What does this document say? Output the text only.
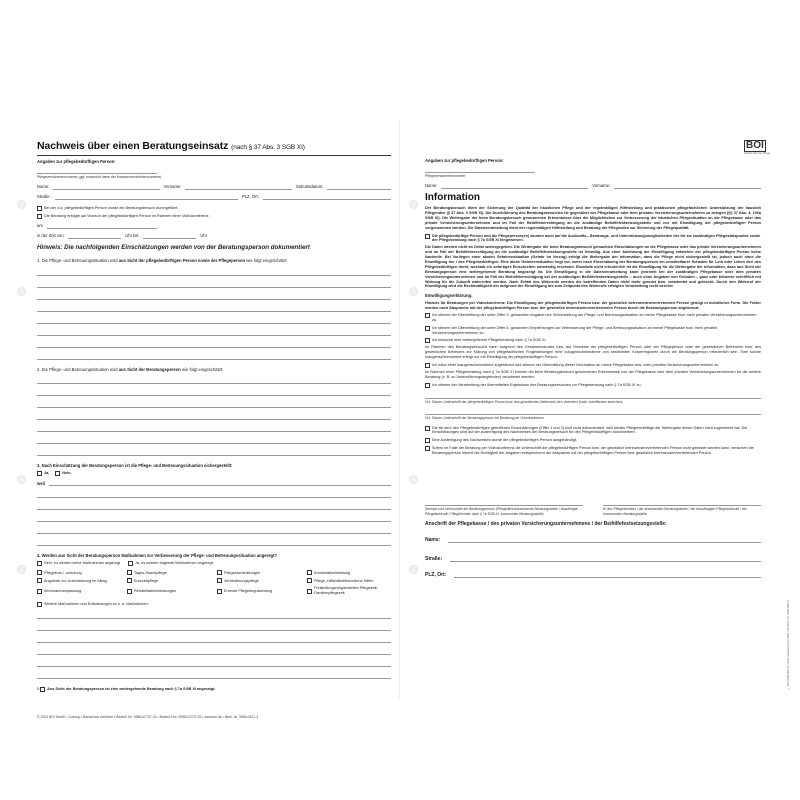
Nachweis über einen Beratungseinsatz (nach § 37 Abs. 3 SGB XI)
Angaben zur pflegebedürftigen Person:
Pflegeversichertennummer (ggf. entspricht diese der Krankenversichertennummer)
Name:	Vorname:	Geburtsdatum:
Straße:	PLZ, Ort:
Bei der o.a. pflegebedürftigen Person wurde ein Beratungsbesuch durchgeführt.
Die Beratung erfolgte auf Wunsch der pflegebedürftigen Person im Rahmen einer Videokonferenz:
am
in der Zeit von	Uhr bis	Uhr
Hinweis: Die nachfolgenden Einschätzungen werden von der Beratungsperson dokumentiert
1. Die Pflege- und Betreuungssituation wird aus Sicht der pflegebedürftigen Person sowie der Pflegeperson wie folgt eingeschätzt:
2. Die Pflege- und Betreuungssituation wird aus Sicht der Beratungsperson wie folgt eingeschätzt:
3. Nach Einschätzung der Beratungsperson ist die Pflege- und Betreuungssituation sichergestellt:
Ja,	Nein,
weil
4. Werden aus Sicht der Beratungsperson Maßnahmen zur Verbesserung der Pflege- und Betreuungssituation angeregt?
Nein, es werden keine Maßnahmen angeregt	Ja, es werden folgende Maßnahmen angeregt:
Pflegekurs / -schulung	Tages-/Nachtpflege	Pflegesachleistungen	Kombinationsleistung
Angebote zur Unterstützung im Alltag	Kurzzeitpflege	Verhinderungspflege	Pflege-,Hilfsmittel/technische Hilfen
Wohnraumanpassung	Rehabilitationsleistungen	Erneute Pflegebegutachtung
Freistellungsmöglichkeiten Pflegezeit/ Familienpflegezeit
Weitere Maßnahmen und Erläuterungen zu o. a. Maßnahmen:
5. Aus Sicht der Beratungsperson ist eine weitergehende Beratung nach § 7a SGB XI angezeigt.
© 2024 BOI GmbH • Coburg • Nachdruck verboten • Bestell-Tel. 09561/2707-24 • Bestell-Fax: 09561/2707-29 • www.boi.de • Best.-Nr. 3096-0621-3
BOI
Arbeitsmittel für Pflege
Angaben zur pflegebedürftigen Person:
Pflegeversichertennummer
Name:	Vorname:
Information
Der Beratungsbesuch dient der Sicherung der Qualität der häuslichen Pflege und der regelmäßigen Hilfestellung und praktischen pflegefachlichen Unterstützung der häuslich Pflegenden (§ 37 Abs. 3 SGB XI). Die Durchführung des Beratungsbesuches ist gegenüber der Pflegekasse oder dem privaten Versicherungsunternehmen zu belegen (§§ 37 Abs. 4, 106a SGB XI). Die Weitergabe der beim Beratungsbesuch gewonnenen Erkenntnisse über die Möglichkeiten zur Verbesserung der häuslichen Pflegesituation an die Pflegekasse oder das private Versicherungsunternehmen und im Fall der Beihilfeberechtigung an die zuständige Beihilfefestsetzungsstelle soll nur mit Einwilligung der pflegebedürftigen Person vorgenommen werden. Die Datenverarbeitung dient der regelmäßigen Hilfestellung und Beratung der Pflegenden zur Sicherung der Pflegequalität.
Die pflegebedürftige Person und die Pflegeperson(en) wurden auch auf die Auskunfts-, Beratungs- und Unterstützungsmöglichkeiten der für sie zuständigen Pflegestützpunkte sowie der Pflegeberatung nach § 7a SGB XI hingewiesen.
Die Daten werden nicht an Dritte weitergegeben. Die Weitergabe der beim Beratungsbesuch gemachten Einschätzungen an die Pflegekasse oder das private Versicherungsunternehmen und im Fall der Beihilfeberechtigung an die zuständige Beihilfefestsetzungsstelle ist freiwillig. Aus einer Ablehnung der Einwilligung entstehen der pflegebedürftigen Person keine Nachteile. Bei Vorliegen einer akuten Gefahrensituation (Gefahr im Verzug) erfolgt die Weitergabe der Information, dass die Pflege nicht sichergestellt ist, jedoch auch ohne die Einwilligung der / des Pflegebedürftigen. Eine akute Gefahrensituation liegt vor, wenn nach Einschätzung der Beratungsperson ein unmittelbarer Schaden für Leib oder Leben der/ des Pflegebedürftigen droht, weshalb ein sofortiges Einschreiten notwendig erscheint. Ebenfalls nicht erforderlich ist die Einwilligung für die Weitergabe der Information, dass aus Sicht der Beratungsperson eine weitergehende Beratung angezeigt ist. Die Einwilligung in die Datenverarbeitung kann jederzeit bei der zuständigen Pflegekasse oder dem privaten Versicherungsunternehmen und im Fall der Beihilfeberechtigung bei der zuständigen Beihilfefestsetzungsstelle – auch ohne Angaben von Gründen – ganz oder teilweise schriftlich mit Wirkung für die Zukunft widerrufen werden. Nach Erhalt des Widerrufs werden die betreffenden Daten nicht mehr genutzt bzw. verarbeitet und gelöscht. Durch den Widerruf der Einwilligung wird die Rechtmäßigkeit der aufgrund der Einwilligung bis zum Zeitpunkt des Widerrufs erfolgten Verarbeitung nicht berührt.
Einwilligungserklärung:
Hinweis für Beratungen per Videokonferenz: Die Einwilligung der pflegebedürftigen Person bzw. der gesetzlich betreuenden/vertretenden Person genügt in mündlicher Form. Die Felder werden nach Absprache mit der pflegebedürftigen Person bzw. der gesetzlich betreuenden/vertretenden Person durch die Beratungsperson angekreuzt.
Ich stimme der Übermittlung der unter Ziffer 3. gemachten Angaben zur Sicherstellung der Pflege- und Betreuungssituation an meine Pflegekasse bzw. mein privates Versicherungsunternehmen zu.
Ich stimme der Übermittlung der unter Ziffer 4. genannten Empfehlungen zur Verbesserung der Pflege- und Betreuungssituation an meine Pflegekasse bzw. mein privates Versicherungsunternehmen zu.
Ich wünsche eine weitergehende Pflegeberatung nach § 7a SGB XI.
Im Rahmen des Beratungsbesuchs kann aufgrund des Gesamteindrucks bzw. auf Hinweise der pflegebedürftigen Person oder der Pflegeperson oder der gesetzlichen Betreuerin bzw. des gesetzlichen Betreuers zur Klärung von pflegefachlichen Fragestellungen eine Inaugenscheinnahme von bestimmten Körperregionen durch die Beratungsperson erforderlich sein. Eine solche Inaugenscheinnahme erfolgt nur mit Einwilligung der pflegebedürftigen Person:
Ich habe einer Inaugenscheinnahme zugestimmt und stimme der Übermittlung dieser Information an meine Pflegekasse bzw. mein privates Versicherungsunternehmen zu.
Im Rahmen einer Pflegeberatung nach § 7a SGB XI können die beim Beratungsbesuch gewonnenen Erkenntnisse von der Pflegekasse oder dem privaten Versicherungsunternehmen für die weitere Beratung (z. B. zu Unterstützungsangeboten) verarbeitet werden:
Ich stimme der Verarbeitung der übermittelten Ergebnisse des Beratungsbesuches zur Pflegeberatung nach § 7a SGB XI zu.
Ort, Datum, Unterschrift der pflegebedürftigen Person bzw. des gesetzlichen Betreuers/ des Vertreters (nicht zutreffendes streichen)
Ort, Datum, Unterschrift der Beratungsperson bei Beratung per Videokonferenz
Die für den/ den Pflegebedürftigen getroffenen Einschätzungen (Ziffer 1 und 2) sind nicht dokumentiert, weil die/der Pflegebedürftige der Weitergabe dieser Daten nicht zugestimmt hat. Die Einschätzungen sind auf der Ausfertigung des Nachweises der Beratungsbesuch für den Pflegebedürftigen dokumentiert.
Eine Ausfertigung des Nachweises wurde der pflegebedürftigen Person ausgehändigt.
Sofern im Falle der Beratung per Videokonferenz die Unterschrift der pflegebedürftigen Person bzw. der gesetzlich betreuenden/vertretenden Person nicht geleistet werden kann, versichert die Beratungsperson hiermit die Richtigkeit der Angaben entsprechend der Absprache mit der pflegebedürftigen Person bzw. gesetzlich betreuenden/vertretenden Person.
Stempel und Unterschrift der Beratungsperson (Pflegedienst/anerkannte Beratungsstelle / beauftragte Pflegefachkraft / Pflegeberater nach § 7a SGB XI, kommunale Beratungsstelle)
IK des Pflegedienstes / der anerkannten Beratungsstelle / der beauftragten Pflegefachkraft / der kommunalen Beratungsstelle
Anschrift der Pflegekasse / des privaten Versicherungsunternehmens / der Beihilfefestsetzungsstelle:
Name:
Straße:
PLZ, Ort:
© BOI-3096-0621-3 • Gem. Fassung 01.01.2024 • 06.2024 • Nr. 3096-0621-3
